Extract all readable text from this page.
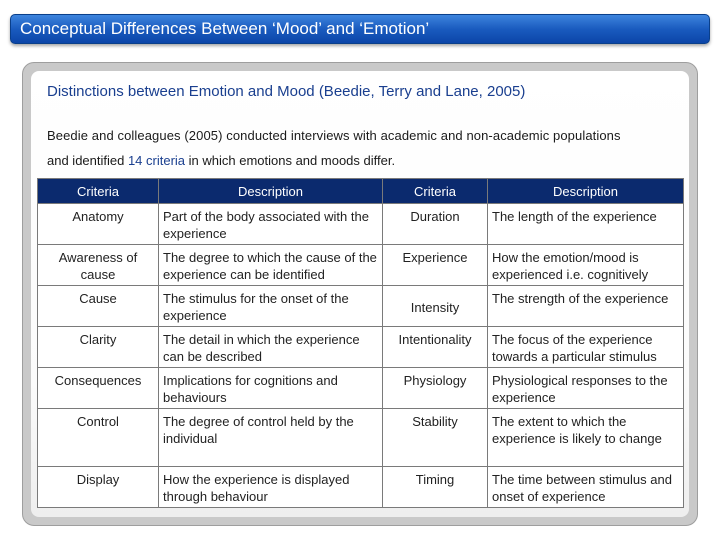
Conceptual Differences Between ‘Mood’ and ‘Emotion’
Distinctions between Emotion and Mood (Beedie, Terry and Lane, 2005)
Beedie and colleagues (2005) conducted interviews with academic and non-academic populations
and identified 14 criteria in which emotions and moods differ.
Criteria	Description	Criteria	Description
Anatomy	Part of the body associated with the experience	Duration	The length of the experience
Awareness of cause	The degree to which the cause of the experience can be identified	Experience	How the emotion/mood is experienced i.e. cognitively
Cause	The stimulus for the onset of the experience	Intensity	The strength of the experience
Clarity	The detail in which the experience can be described	Intentionality	The focus of the experience towards a particular stimulus
Consequences	Implications for cognitions and behaviours	Physiology	Physiological responses to the experience
Control	The degree of control held by the individual	Stability	The extent to which the experience is likely to change
Display	How the experience is displayed through behaviour	Timing	The time between stimulus and onset of experience
